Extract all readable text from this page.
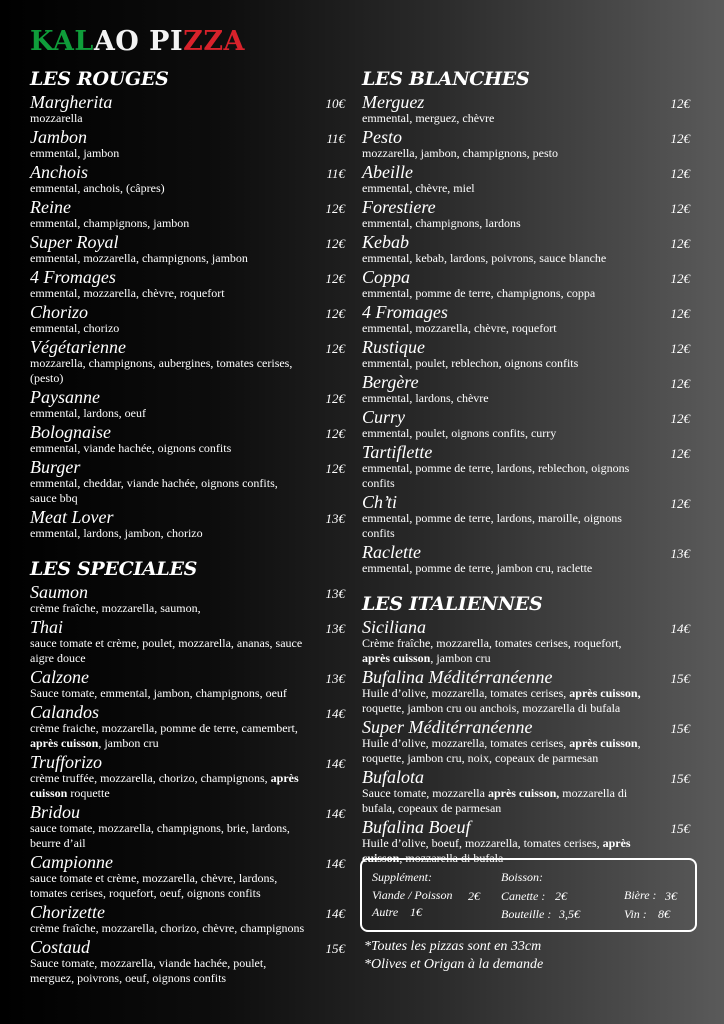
KALAO PIZZA
LES ROUGES
Margherita
mozzarella
10€
Jambon
emmental, jambon
11€
Anchois
emmental, anchois, (câpres)
11€
Reine
emmental, champignons, jambon
12€
Super Royal
emmental, mozzarella, champignons, jambon
12€
4 Fromages
emmental, mozzarella, chèvre, roquefort
12€
Chorizo
emmental, chorizo
12€
Végétarienne
mozzarella, champignons, aubergines, tomates cerises, (pesto)
12€
Paysanne
emmental, lardons, oeuf
12€
Bolognaise
emmental, viande hachée, oignons confits
12€
Burger
emmental, cheddar, viande hachée, oignons confits, sauce bbq
12€
Meat Lover
emmental, lardons, jambon, chorizo
13€
LES SPECIALES
Saumon
crème fraîche, mozzarella, saumon,
13€
Thai
sauce tomate et crème, poulet, mozzarella, ananas, sauce aigre douce
13€
Calzone
Sauce tomate, emmental, jambon, champignons, oeuf
13€
Calandos
crème fraiche, mozzarella, pomme de terre, camembert, après cuisson, jambon cru
14€
Trufforizo
crème truffée, mozzarella, chorizo, champignons, après cuisson roquette
14€
Bridou
sauce tomate, mozzarella, champignons, brie, lardons, beurre d’ail
14€
Campionne
sauce tomate et crème, mozzarella, chèvre, lardons, tomates cerises, roquefort, oeuf, oignons confits
14€
Chorizette
crème fraîche, mozzarella, chorizo, chèvre, champignons
14€
Costaud
Sauce tomate, mozzarella, viande hachée, poulet, merguez, poivrons, oeuf, oignons confits
15€
LES BLANCHES
Merguez
emmental, merguez, chèvre
12€
Pesto
mozzarella, jambon, champignons, pesto
12€
Abeille
emmental, chèvre, miel
12€
Forestiere
emmental, champignons, lardons
12€
Kebab
emmental, kebab, lardons, poivrons, sauce blanche
12€
Coppa
emmental, pomme de terre, champignons, coppa
12€
4 Fromages
emmental, mozzarella, chèvre, roquefort
12€
Rustique
emmental, poulet, reblechon, oignons confits
12€
Bergère
emmental, lardons, chèvre
12€
Curry
emmental, poulet, oignons confits, curry
12€
Tartiflette
emmental, pomme de terre, lardons, reblechon, oignons confits
12€
Ch’ti
emmental, pomme de terre, lardons, maroille, oignons confits
12€
Raclette
emmental, pomme de terre, jambon cru, raclette
13€
LES ITALIENNES
Siciliana
Crème fraîche, mozzarella, tomates cerises, roquefort, après cuisson, jambon cru
14€
Bufalina Méditérranéenne
Huile d’olive, mozzarella, tomates cerises, après cuisson, roquette, jambon cru ou anchois, mozzarella di bufala
15€
Super Méditérranéenne
Huile d’olive, mozzarella, tomates cerises, après cuisson, roquette, jambon cru, noix, copeaux de parmesan
15€
Bufalota
Sauce tomate, mozzarella après cuisson, mozzarella di bufala, copeaux de parmesan
15€
Bufalina Boeuf
Huile d’olive, boeuf, mozzarella, tomates cerises, après cuisson, mozzarella di bufala
15€
Supplément:
Viande / Poisson 2€
Autre 1€
Boisson:
Canette : 2€
Bouteille : 3,5€
Bière : 3€
Vin : 8€
*Toutes les pizzas sont en 33cm
*Olives et Origan à la demande
